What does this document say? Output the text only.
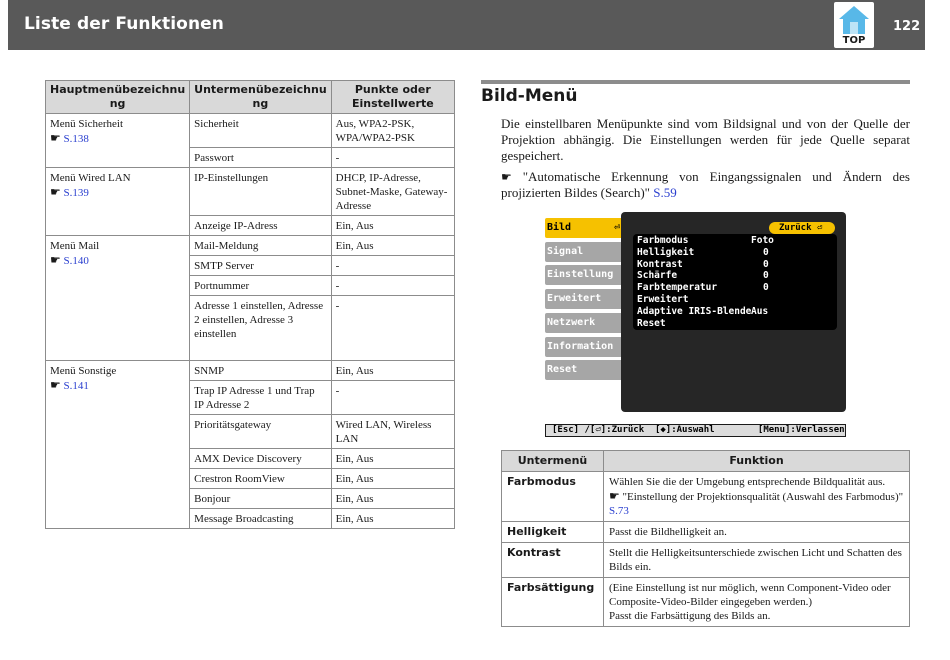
Liste der Funktionen
TOP
122
Hauptmenübezeichnu ng	Untermenübezeichnu ng	Punkte oder Einstellwerte

Menü Sicherheit
☛ S.138	Sicherheit	Aus, WPA2-PSK, WPA/WPA2-PSK
	Passwort	-

Menü Wired LAN
☛ S.139	IP-Einstellungen	DHCP, IP-Adresse, Subnet-Maske, Gateway-Adresse
	Anzeige IP-Adress	Ein, Aus

Menü Mail
☛ S.140	Mail-Meldung	Ein, Aus
	SMTP Server	-
	Portnummer	-
	Adresse 1 einstellen, Adresse 2 einstellen, Adresse 3 einstellen	-

Menü Sonstige
☛ S.141	SNMP	Ein, Aus
	Trap IP Adresse 1 und Trap IP Adresse 2	-
	Prioritätsgateway	Wired LAN, Wireless LAN
	AMX Device Discovery	Ein, Aus
	Crestron RoomView	Ein, Aus
	Bonjour	Ein, Aus
	Message Broadcasting	Ein, Aus
Bild-Menü
Die einstellbaren Menüpunkte sind vom Bildsignal und von der Quelle der Projektion abhängig. Die Einstellungen werden für jede Quelle separat gespeichert.
☛ "Automatische Erkennung von Eingangssignalen und Ändern des projizierten Bildes (Search)" S.59
Bild	⏎
Signal
Einstellung
Erweitert
Netzwerk
Information
Reset
Zurück ⏎
Farbmodus	Foto
Helligkeit	0
Kontrast	0
Schärfe	0
Farbtemperatur	0
Erweitert
Adaptive IRIS-Blende Aus
Reset
[Esc] /[⏎]:Zurück  [◆]:Auswahl        [Menu]:Verlassen
Untermenü	Funktion
Farbmodus	Wählen Sie die der Umgebung entsprechende Bildqualität aus.
☛ "Einstellung der Projektionsqualität (Auswahl des Farbmodus)" S.73

Helligkeit	Passt die Bildhelligkeit an.
Kontrast	Stellt die Helligkeitsunterschiede zwischen Licht und Schatten des Bilds ein.
Farbsättigung	(Eine Einstellung ist nur möglich, wenn Component-Video oder Composite-Video-Bilder eingegeben werden.)
Passt die Farbsättigung des Bilds an.
